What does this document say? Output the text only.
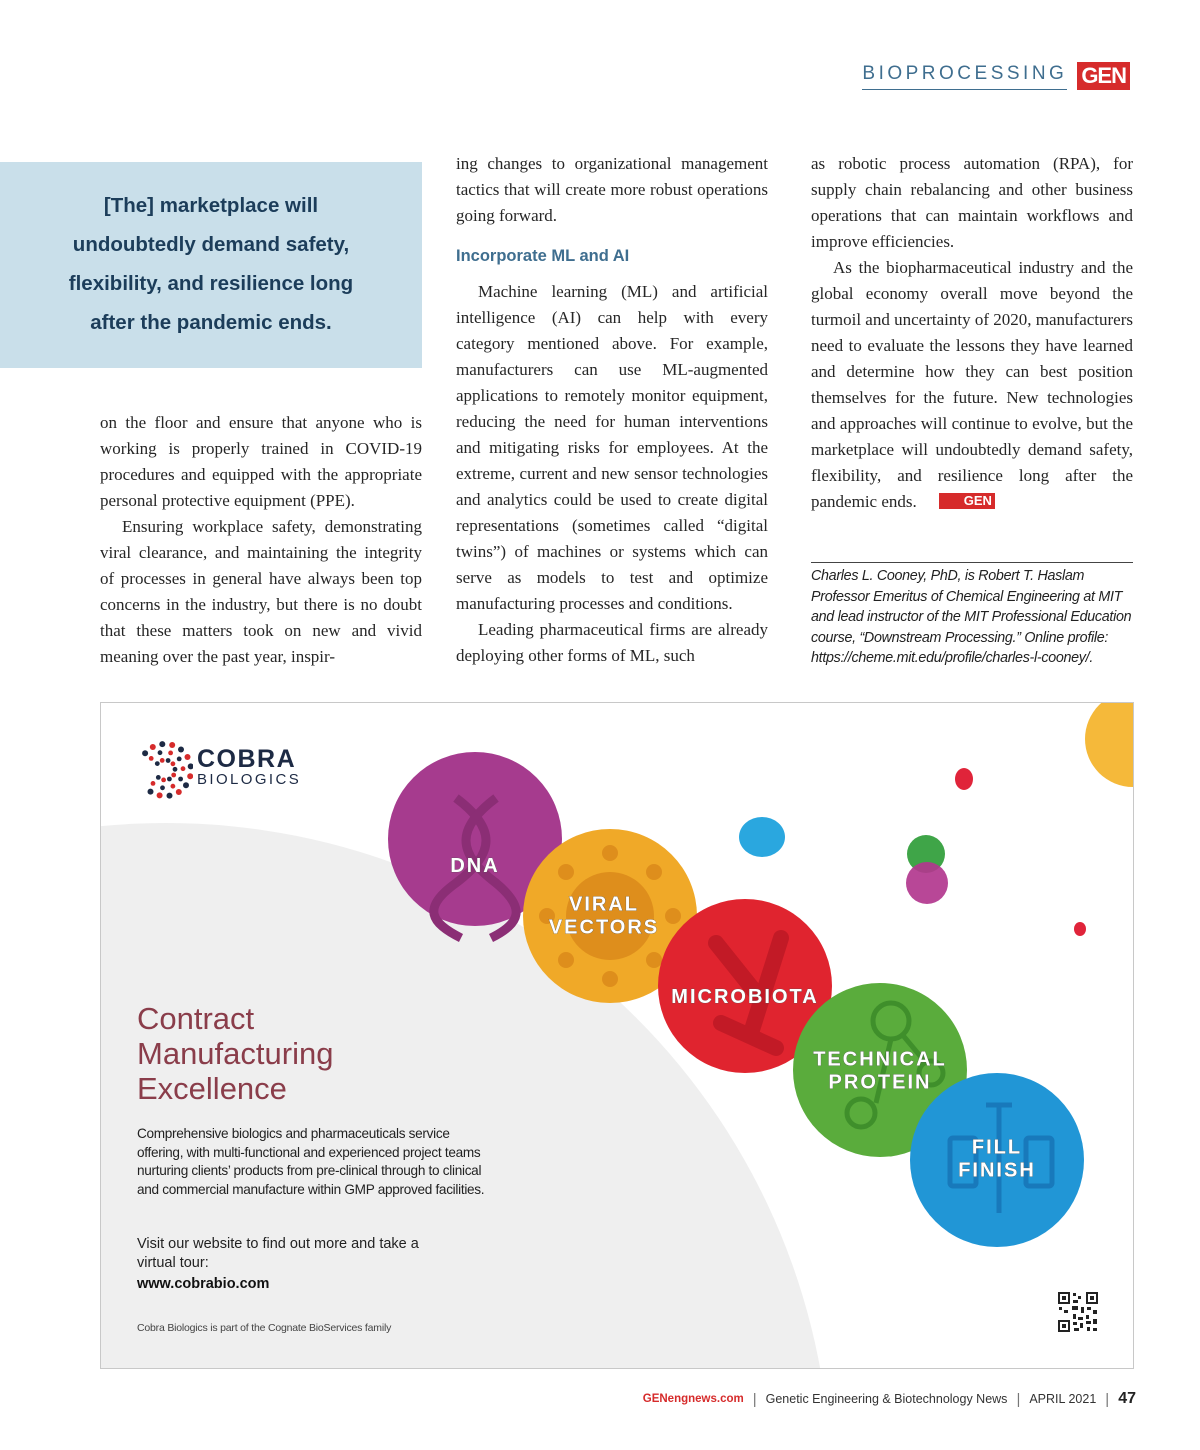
BIOPROCESSING GEN

[The] marketplace will

undoubtedly demand safety,

flexibility, and resilience long

after the pandemic ends.

on the floor and ensure that anyone who is working is properly trained in COVID-19 procedures and equipped with the appropriate personal protective equipment (PPE).

Ensuring workplace safety, demonstrating viral clearance, and maintaining the integrity of processes in general have always been top concerns in the industry, but there is no doubt that these matters took on new and vivid meaning over the past year, inspir-

ing changes to organizational management tactics that will create more robust operations going forward.

Incorporate ML and AI

Machine learning (ML) and artificial intelligence (AI) can help with every category mentioned above. For example, manufacturers can use ML-augmented applications to remotely monitor equipment, reducing the need for human interventions and mitigating risks for employees. At the extreme, current and new sensor technologies and analytics could be used to create digital representations (sometimes called “digital twins”) of machines or systems which can serve as models to test and optimize manufacturing processes and conditions.

Leading pharmaceutical firms are already deploying other forms of ML, such

as robotic process automation (RPA), for supply chain rebalancing and other business operations that can maintain workflows and improve efficiencies.

As the biopharmaceutical industry and the global economy overall move beyond the turmoil and uncertainty of 2020, manufacturers need to evaluate the lessons they have learned and determine how they can best position themselves for the future. New technologies and approaches will continue to evolve, but the marketplace will undoubtedly demand safety, flexibility, and resilience long after the pandemic ends.	GEN

Charles L. Cooney, PhD, is Robert T. Haslam Professor Emeritus of Chemical Engineering at MIT and lead instructor of the MIT Professional Education course, “Downstream Processing.” Online profile: https://cheme.mit.edu/profile/charles-l-cooney/.
COBRA
BIOLOGICS
DNA
VIRAL
VECTORS
MICROBIOTA
TECHNICAL
PROTEIN
FILL
FINISH
Contract
Manufacturing
Excellence
Comprehensive biologics and pharmaceuticals service offering, with multi-functional and experienced project teams nurturing clients’ products from pre-clinical through to clinical and commercial manufacture within GMP approved facilities.
Visit our website to find out more and take a virtual tour:
www.cobrabio.com
Cobra Biologics is part of the Cognate BioServices family
GENengnews.com | Genetic Engineering & Biotechnology News | APRIL 2021 | 47
